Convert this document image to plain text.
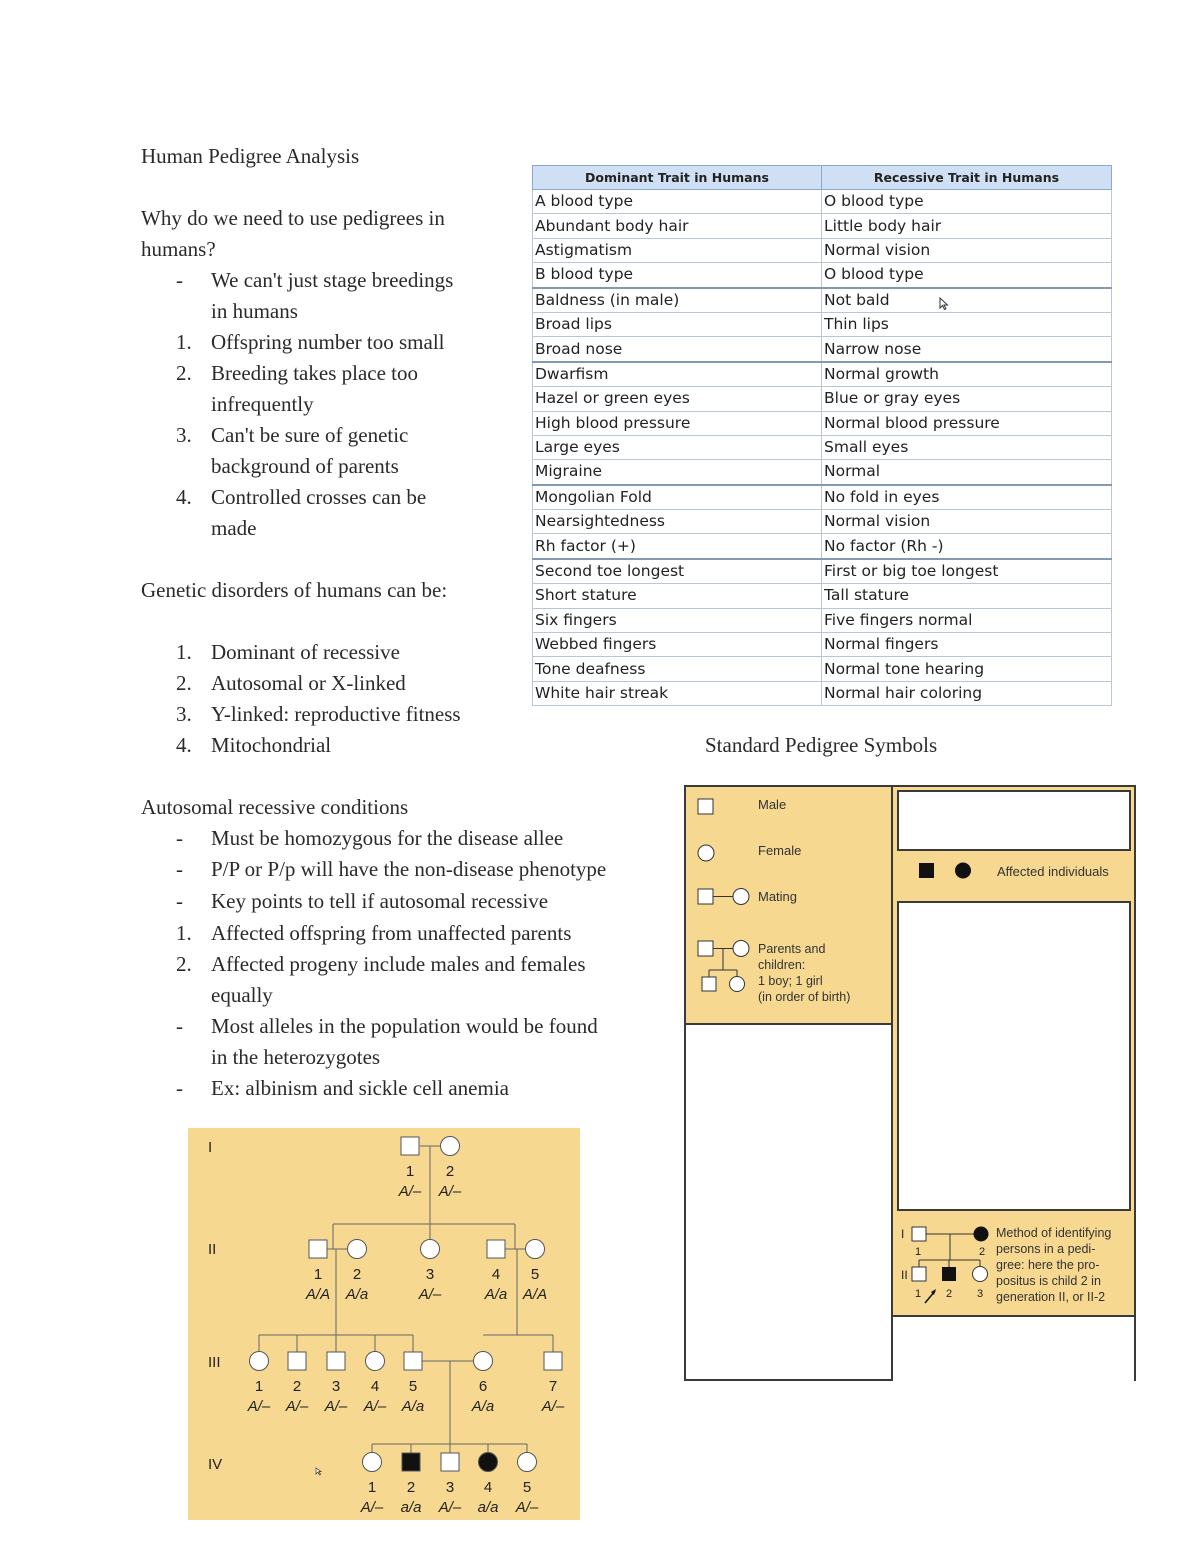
Human Pedigree Analysis
Why do we need to use pedigrees in
humans?
- We can't just stage breedings
in humans
1. Offspring number too small
2. Breeding takes place too
infrequently
3. Can't be sure of genetic
background of parents
4. Controlled crosses can be
made
Genetic disorders of humans can be:
1. Dominant of recessive
2. Autosomal or X-linked
3. Y-linked: reproductive fitness
4. Mitochondrial
Autosomal recessive conditions
- Must be homozygous for the disease allee
- P/P or P/p will have the non-disease phenotype
- Key points to tell if autosomal recessive
1. Affected offspring from unaffected parents
2. Affected progeny include males and females
equally
- Most alleles in the population would be found
in the heterozygotes
- Ex: albinism and sickle cell anemia
Dominant Trait in Humans	Recessive Trait in Humans
A blood type	O blood type
Abundant body hair	Little body hair
Astigmatism	Normal vision
B blood type	O blood type
Baldness (in male)	Not bald
Broad lips	Thin lips
Broad nose	Narrow nose
Dwarfism	Normal growth
Hazel or green eyes	Blue or gray eyes
High blood pressure	Normal blood pressure
Large eyes	Small eyes
Migraine	Normal
Mongolian Fold	No fold in eyes
Nearsightedness	Normal vision
Rh factor (+)	No factor (Rh -)
Second toe longest	First or big toe longest
Short stature	Tall stature
Six fingers	Five fingers normal
Webbed fingers	Normal fingers
Tone deafness	Normal tone hearing
White hair streak	Normal hair coloring
Standard Pedigree Symbols
Male
Female
Mating
Parents and
children:
1 boy; 1 girl
(in order of birth)
Affected individuals
I
1	2
II
1 2 3
Method of identifying
persons in a pedi-
gree: here the pro-
positus is child 2 in
generation II, or II-2
1
A/–
2
A/–
1
A/A
2
A/a
3
A/–
4
A/a
5
A/A
1
A/–
2
A/–
3
A/–
4
A/–
5
A/a
6
A/a
7
A/–
1
A/–
2
a/a
3
A/–
4
a/a
5
A/–
I
II
III
IV
